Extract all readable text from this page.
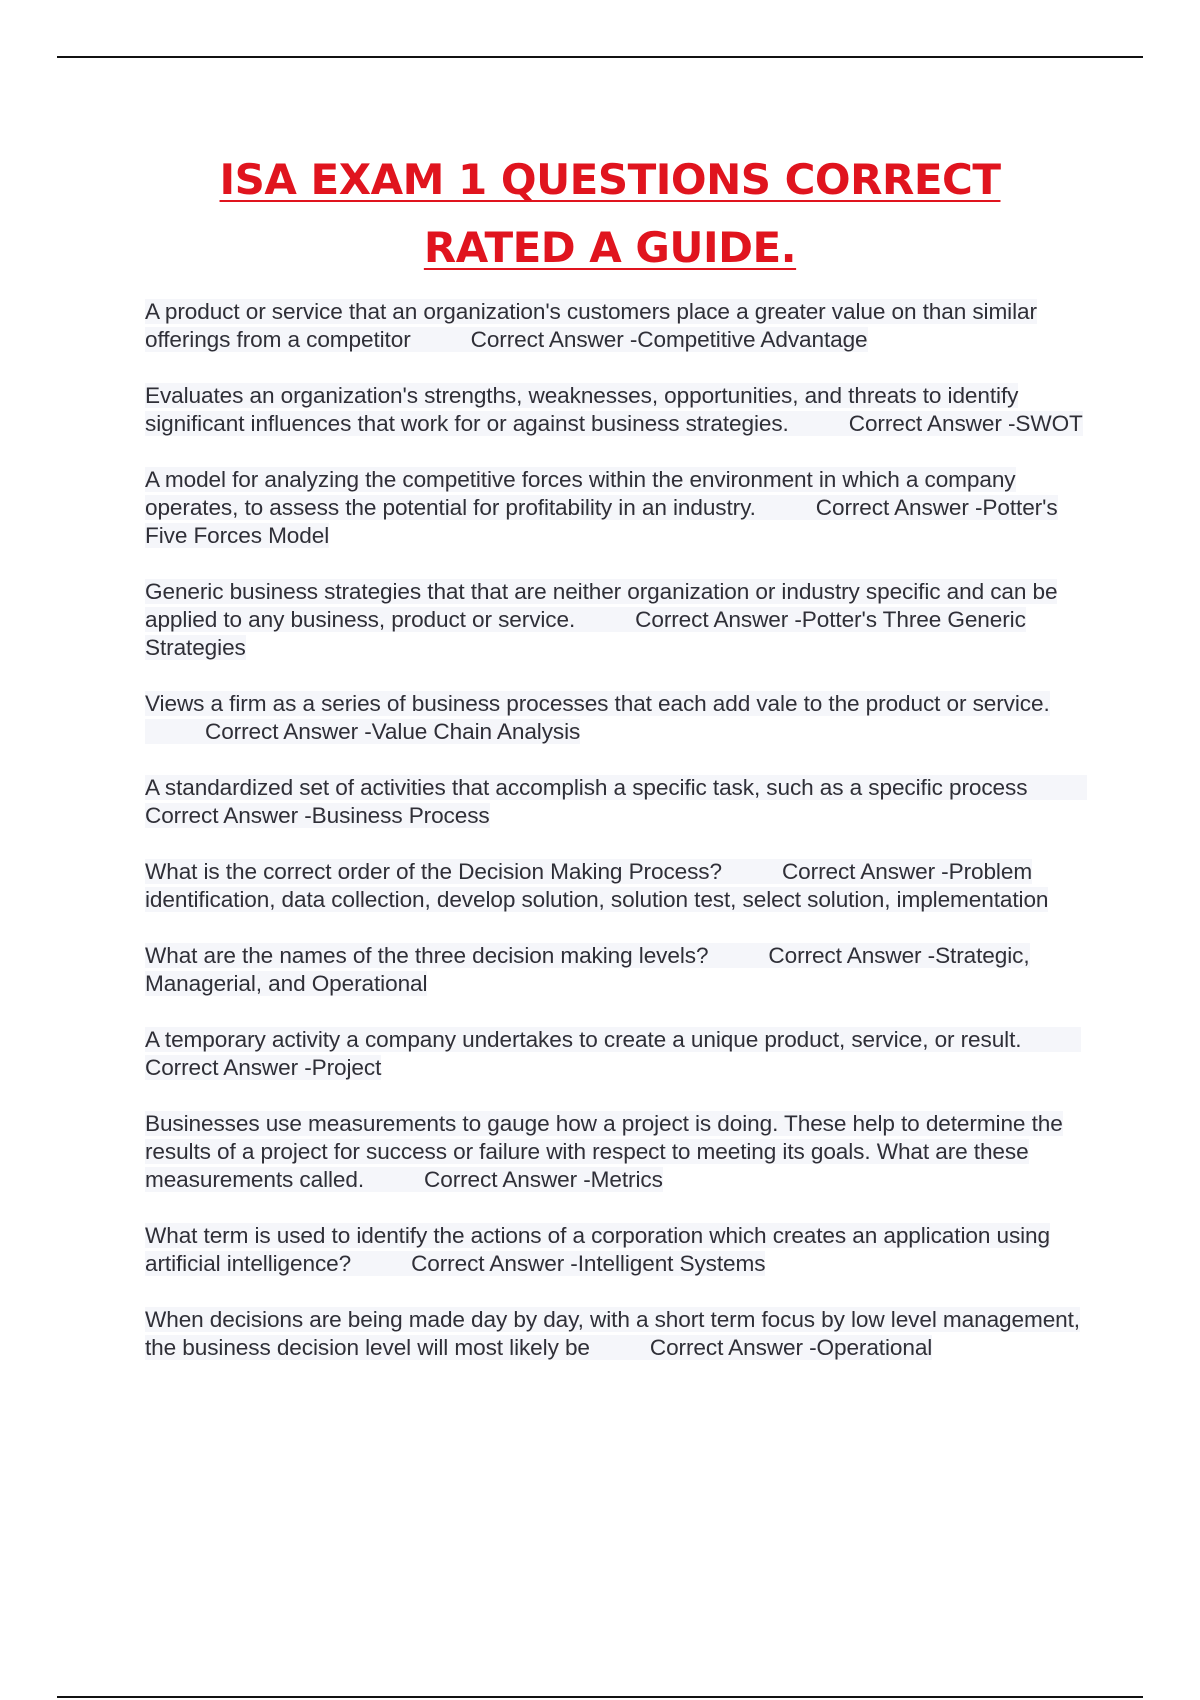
ISA EXAM 1 QUESTIONS CORRECT RATED A GUIDE.
A product or service that an organization's customers place a greater value on than similar offerings from a competitor	Correct Answer -Competitive Advantage
Evaluates an organization's strengths, weaknesses, opportunities, and threats to identify significant influences that work for or against business strategies.	Correct Answer -SWOT
A model for analyzing the competitive forces within the environment in which a company operates, to assess the potential for profitability in an industry.	Correct Answer -Potter's Five Forces Model
Generic business strategies that that are neither organization or industry specific and can be applied to any business, product or service.	Correct Answer -Potter's Three Generic Strategies
Views a firm as a series of business processes that each add vale to the product or service.Correct Answer -Value Chain Analysis
A standardized set of activities that accomplish a specific task, such as a specific processCorrect Answer -Business Process
What is the correct order of the Decision Making Process?	Correct Answer -Problem identification, data collection, develop solution, solution test, select solution, implementation
What are the names of the three decision making levels?	Correct Answer -Strategic, Managerial, and Operational
A temporary activity a company undertakes to create a unique product, service, or result.Correct Answer -Project
Businesses use measurements to gauge how a project is doing. These help to determine the results of a project for success or failure with respect to meeting its goals. What are these measurements called.	Correct Answer -Metrics
What term is used to identify the actions of a corporation which creates an application using artificial intelligence?	Correct Answer -Intelligent Systems
When decisions are being made day by day, with a short term focus by low level management, the business decision level will most likely be	Correct Answer -Operational
